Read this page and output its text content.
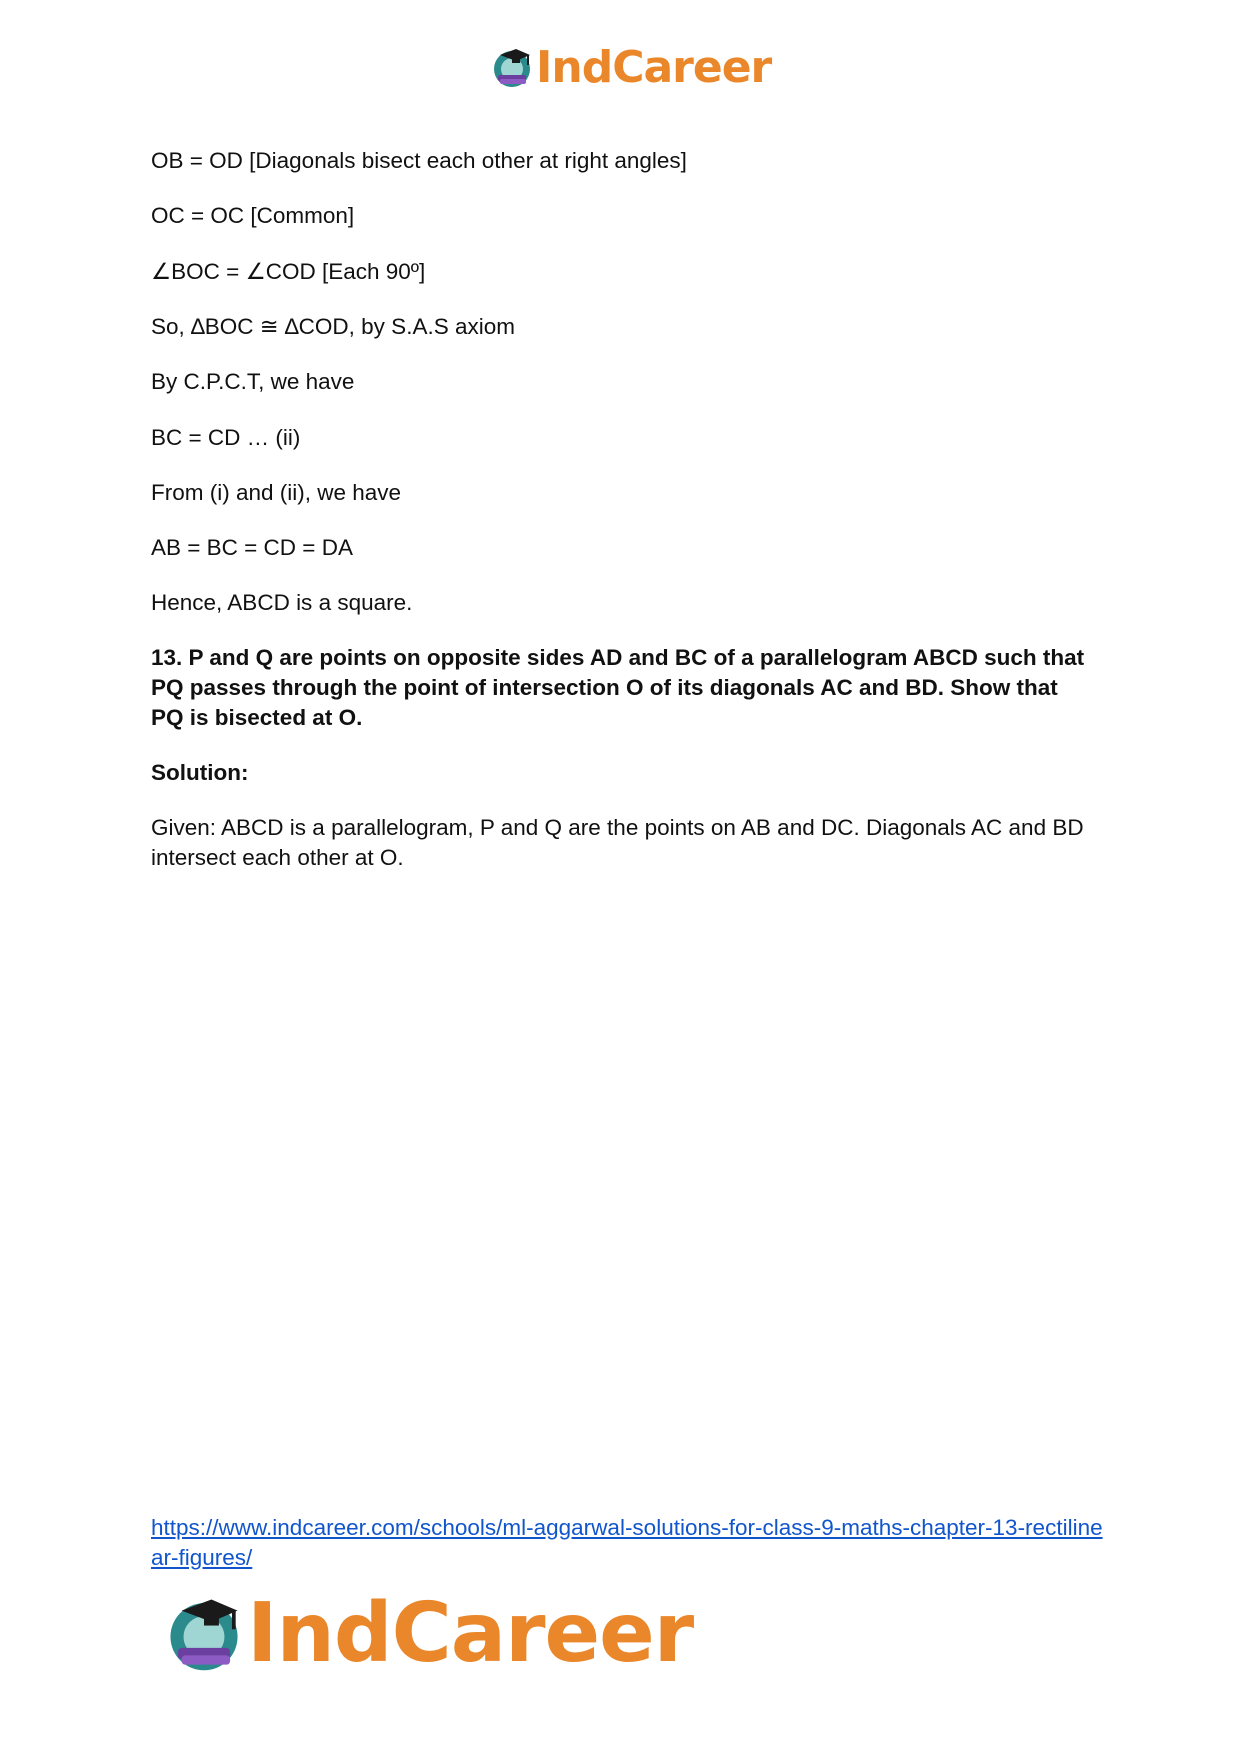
IndCareer

OB = OD [Diagonals bisect each other at right angles]

OC = OC [Common]

∠BOC = ∠COD [Each 90º]

So, ∆BOC ≅ ∆COD, by S.A.S axiom

By C.P.C.T, we have

BC = CD … (ii)

From (i) and (ii), we have

AB = BC = CD = DA

Hence, ABCD is a square.

13. P and Q are points on opposite sides AD and BC of a parallelogram ABCD such that PQ passes through the point of intersection O of its diagonals AC and BD. Show that PQ is bisected at O.

Solution:

Given: ABCD is a parallelogram, P and Q are the points on AB and DC. Diagonals AC and BD intersect each other at O.

https://www.indcareer.com/schools/ml-aggarwal-solutions-for-class-9-maths-chapter-13-rectilinear-figures/
IndCareer
